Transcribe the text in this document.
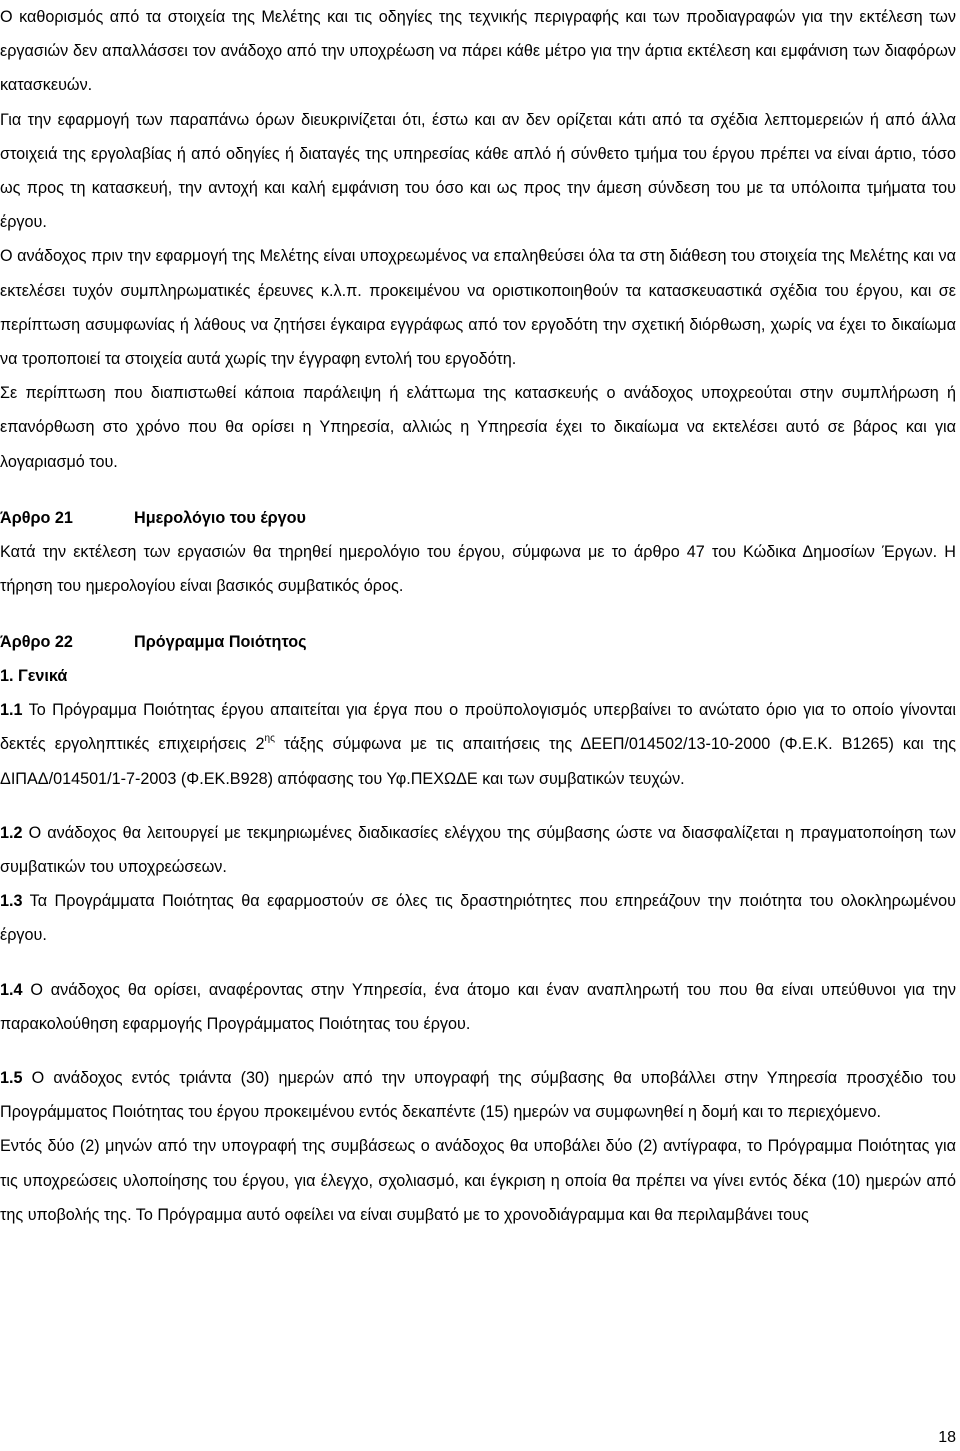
Ο καθορισμός από τα στοιχεία της Μελέτης και τις οδηγίες της τεχνικής περιγραφής και των προδιαγραφών για την εκτέλεση των εργασιών δεν απαλλάσσει τον ανάδοχο από την υποχρέωση να πάρει κάθε μέτρο για την άρτια εκτέλεση και εμφάνιση των διαφόρων κατασκευών.

Για την εφαρμογή των παραπάνω όρων διευκρινίζεται ότι, έστω και αν δεν ορίζεται κάτι από τα σχέδια λεπτομερειών ή από άλλα στοιχειά της εργολαβίας ή από οδηγίες ή διαταγές της υπηρεσίας κάθε απλό ή σύνθετο τμήμα του έργου πρέπει να είναι άρτιο, τόσο ως προς τη κατασκευή, την αντοχή και καλή εμφάνιση του όσο και ως προς την άμεση σύνδεση του με τα υπόλοιπα τμήματα του έργου.

Ο ανάδοχος πριν την εφαρμογή της Μελέτης είναι υποχρεωμένος να επαληθεύσει όλα τα στη διάθεση του στοιχεία της Μελέτης και να εκτελέσει τυχόν συμπληρωματικές έρευνες κ.λ.π. προκειμένου να οριστικοποιηθούν τα κατασκευαστικά σχέδια του έργου, και σε περίπτωση ασυμφωνίας ή λάθους να ζητήσει έγκαιρα εγγράφως από τον εργοδότη την σχετική διόρθωση, χωρίς να έχει το δικαίωμα να τροποποιεί τα στοιχεία αυτά χωρίς την έγγραφη εντολή του εργοδότη.

Σε περίπτωση που διαπιστωθεί κάποια παράλειψη ή ελάττωμα της κατασκευής ο ανάδοχος υποχρεούται στην συμπλήρωση ή επανόρθωση στο χρόνο που θα ορίσει η Υπηρεσία, αλλιώς η Υπηρεσία έχει το δικαίωμα να εκτελέσει αυτό σε βάρος και για λογαριασμό του.

Άρθρο 21	Ημερολόγιο του έργου

Κατά την εκτέλεση των εργασιών θα τηρηθεί ημερολόγιο του έργου, σύμφωνα με το άρθρο 47 του Κώδικα Δημοσίων Έργων. Η τήρηση του ημερολογίου είναι βασικός συμβατικός όρος.

Άρθρο 22	Πρόγραμμα Ποιότητος

1. Γενικά

1.1 Το Πρόγραμμα Ποιότητας έργου απαιτείται για έργα που ο προϋπολογισμός υπερβαίνει το ανώτατο όριο για το οποίο γίνονται δεκτές εργοληπτικές επιχειρήσεις $2^{\eta\varsigma}$ τάξης σύμφωνα με τις απαιτήσεις της ΔΕΕΠ/014502/13-10-2000 (Φ.Ε.Κ. Β1265) και της ΔΙΠΑΔ/014501/1-7-2003 (Φ.ΕΚ.Β928) απόφασης του Υφ.ΠΕΧΩΔΕ και των συμβατικών τευχών.

1.2 Ο ανάδοχος θα λειτουργεί με τεκμηριωμένες διαδικασίες ελέγχου της σύμβασης ώστε να διασφαλίζεται η πραγματοποίηση των συμβατικών του υποχρεώσεων.

1.3 Τα Προγράμματα Ποιότητας θα εφαρμοστούν σε όλες τις δραστηριότητες που επηρεάζουν την ποιότητα του ολοκληρωμένου έργου.

1.4 Ο ανάδοχος θα ορίσει, αναφέροντας στην Υπηρεσία, ένα άτομο και έναν αναπληρωτή του που θα είναι υπεύθυνοι για την παρακολούθηση εφαρμογής Προγράμματος Ποιότητας του έργου.

1.5 Ο ανάδοχος εντός τριάντα (30) ημερών από την υπογραφή της σύμβασης θα υποβάλλει στην Υπηρεσία προσχέδιο του Προγράμματος Ποιότητας του έργου προκειμένου εντός δεκαπέντε (15) ημερών να συμφωνηθεί η δομή και το περιεχόμενο.

Εντός δύο (2) μηνών από την υπογραφή της συμβάσεως ο ανάδοχος θα υποβάλει δύο (2) αντίγραφα, το Πρόγραμμα Ποιότητας για τις υποχρεώσεις υλοποίησης του έργου, για έλεγχο, σχολιασμό, και έγκριση η οποία θα πρέπει να γίνει εντός δέκα (10) ημερών από της υποβολής της. Το Πρόγραμμα αυτό οφείλει να είναι συμβατό με το χρονοδιάγραμμα και θα περιλαμβάνει τους

18
